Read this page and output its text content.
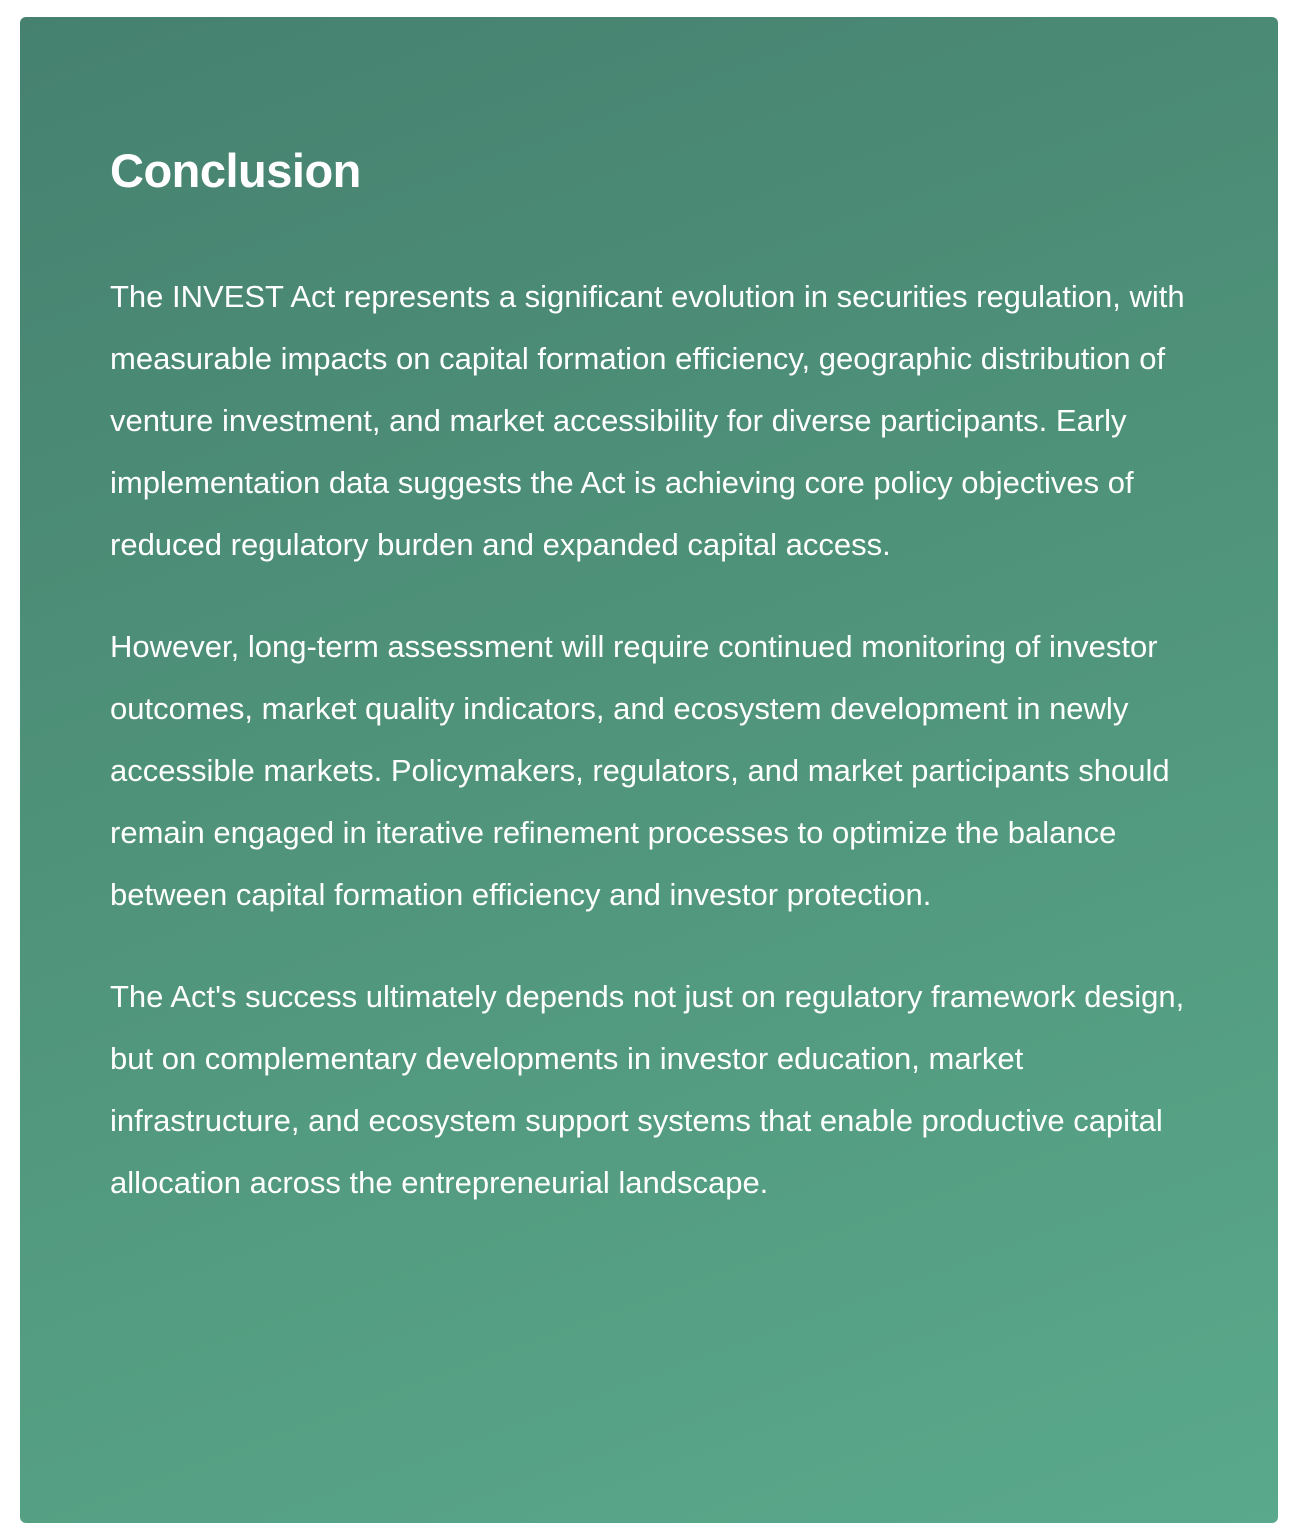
Conclusion

The INVEST Act represents a significant evolution in securities regulation, with measurable impacts on capital formation efficiency, geographic distribution of venture investment, and market accessibility for diverse participants. Early implementation data suggests the Act is achieving core policy objectives of reduced regulatory burden and expanded capital access.

However, long-term assessment will require continued monitoring of investor outcomes, market quality indicators, and ecosystem development in newly accessible markets. Policymakers, regulators, and market participants should remain engaged in iterative refinement processes to optimize the balance between capital formation efficiency and investor protection.

The Act's success ultimately depends not just on regulatory framework design, but on complementary developments in investor education, market infrastructure, and ecosystem support systems that enable productive capital allocation across the entrepreneurial landscape.
